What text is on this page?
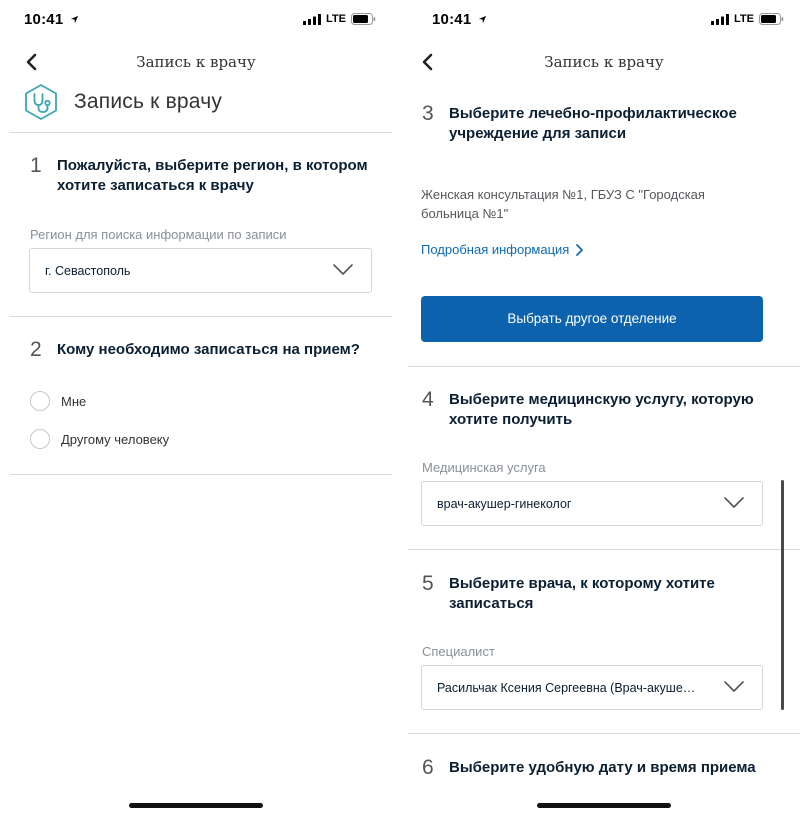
10:41	LTE
Запись к врачу
Запись к врачу
1 Пожалуйста, выберите регион, в котором
хотите записаться к врачу
Регион для поиска информации по записи
г. Севастополь
2 Кому необходимо записаться на прием?
Мне
Другому человеку
10:41	LTE
Запись к врачу
3 Выберите лечебно-профилактическое
учреждение для записи
Женская консультация №1, ГБУЗ С "Городская
больница №1"
Подробная информация
Выбрать другое отделение
4 Выберите медицинскую услугу, которую
хотите получить
Медицинская услуга
врач-акушер-гинеколог
5 Выберите врача, к которому хотите
записаться
Специалист
Расильчак Ксения Сергеевна (Врач-акуше…
6 Выберите удобную дату и время приема
